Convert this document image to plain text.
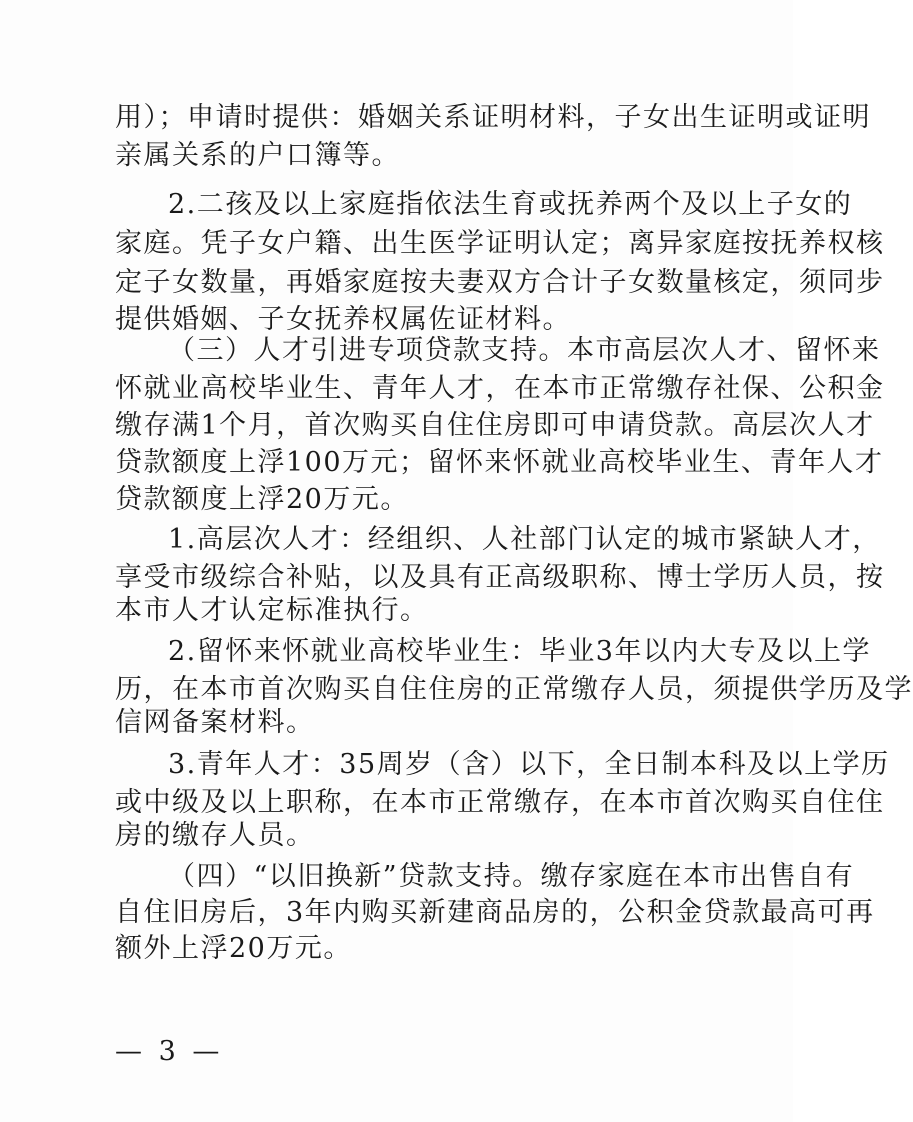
— 3 —
用）；申请时提供：婚姻关系证明材料，子女出生证明或证明
亲属关系的户口簿等。
2.二孩及以上家庭指依法生育或抚养两个及以上子女的
家庭。凭子女户籍、出生医学证明认定；离异家庭按抚养权核
定子女数量，再婚家庭按夫妻双方合计子女数量核定，须同步
提供婚姻、子女抚养权属佐证材料。
（三）人才引进专项贷款支持。本市高层次人才、留怀来
怀就业高校毕业生、青年人才，在本市正常缴存社保、公积金
缴存满1个月，首次购买自住住房即可申请贷款。高层次人才
贷款额度上浮100万元；留怀来怀就业高校毕业生、青年人才
贷款额度上浮20万元。
1.高层次人才：经组织、人社部门认定的城市紧缺人才，
享受市级综合补贴，以及具有正高级职称、博士学历人员，按
本市人才认定标准执行。
2.留怀来怀就业高校毕业生：毕业3年以内大专及以上学
历，在本市首次购买自住住房的正常缴存人员，须提供学历及学
信网备案材料。
3.青年人才：35周岁（含）以下，全日制本科及以上学历
或中级及以上职称，在本市正常缴存，在本市首次购买自住住
房的缴存人员。
（四）“以旧换新”贷款支持。缴存家庭在本市出售自有
自住旧房后，3年内购买新建商品房的，公积金贷款最高可再
额外上浮20万元。
